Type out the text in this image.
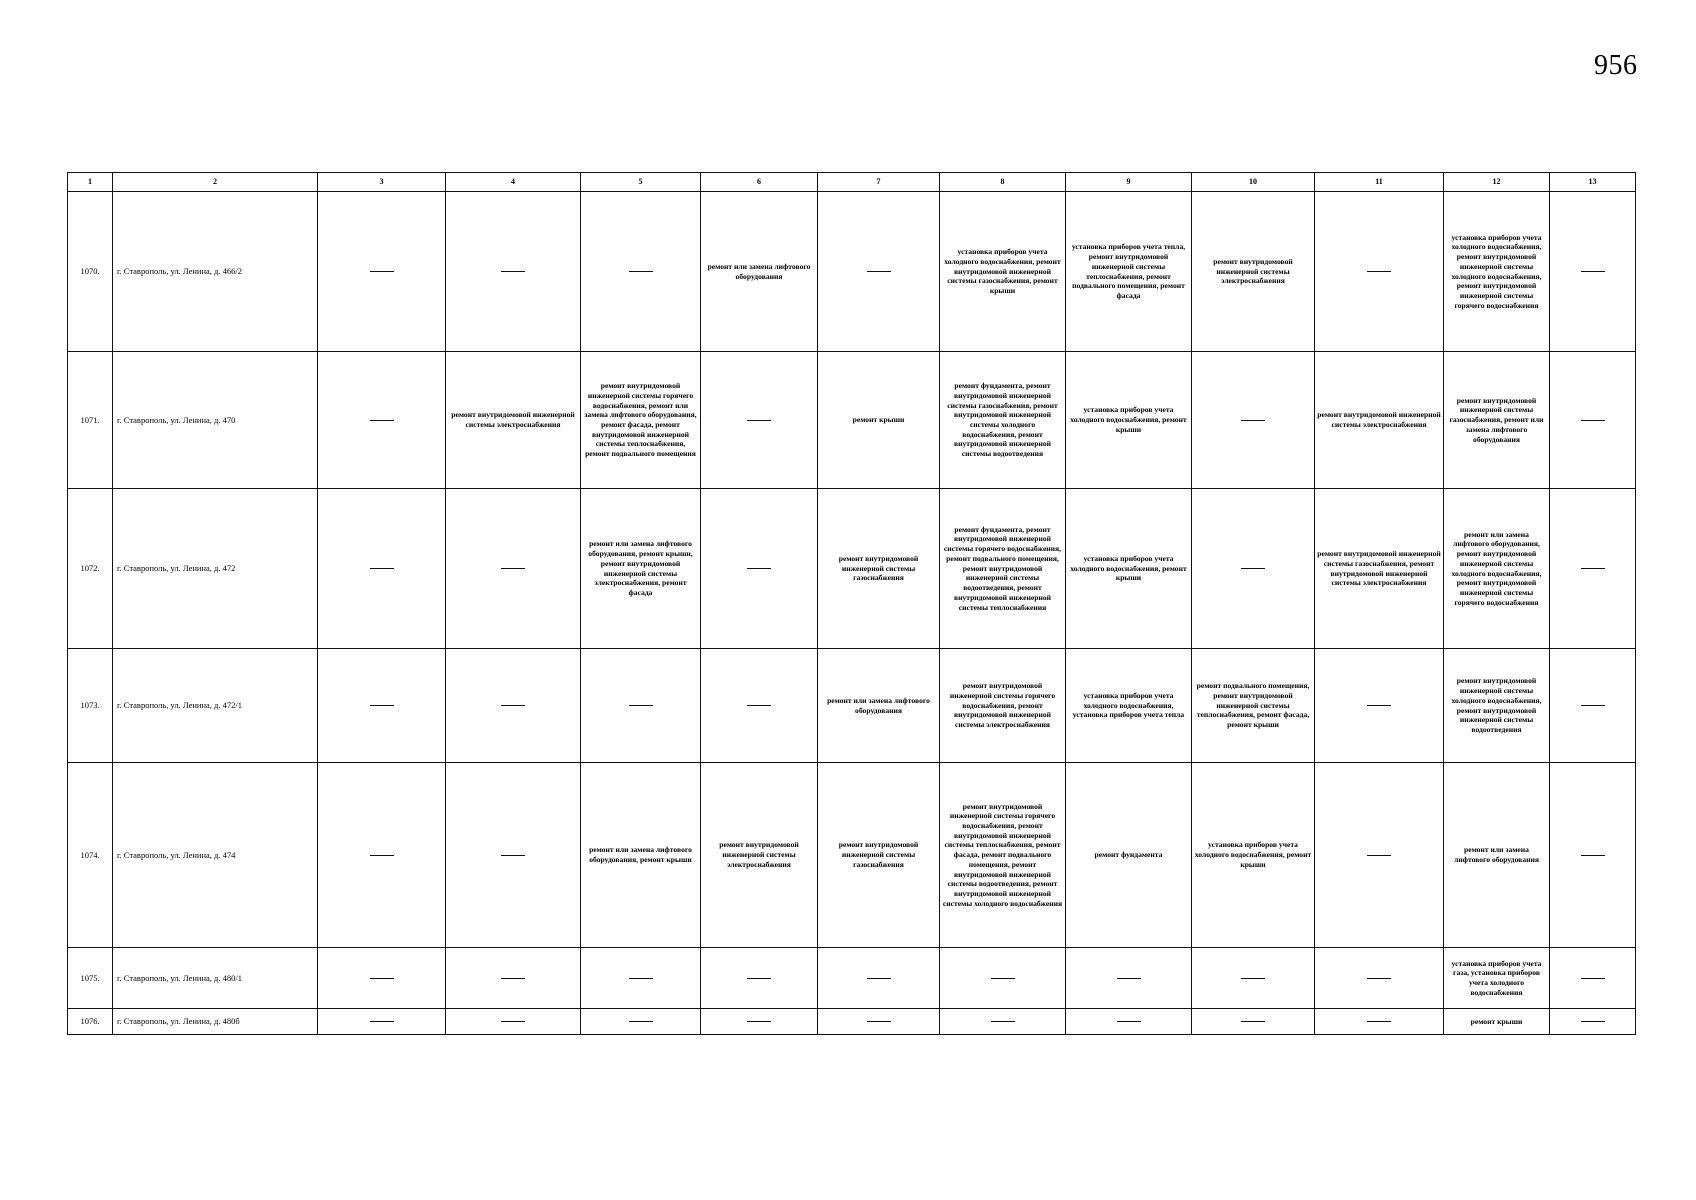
956
1	2	3	4	5	6	7	8	9	10	11	12	13
1070.	г. Ставрополь, ул. Ленина, д. 466/2				ремонт или замена лифтового оборудования		установка приборов учета холодного водоснабжения, ремонт внутридомовой инженерной системы газоснабжения, ремонт крыши	установка приборов учета тепла, ремонт внутридомовой инженерной системы теплоснабжения, ремонт подвального помещения, ремонт фасада	ремонт внутридомовой инженерной системы электроснабжения		установка приборов учета холодного водоснабжения, ремонт внутридомовой инженерной системы холодного водоснабжения, ремонт внутридомовой инженерной системы горячего водоснабжения	
1071.	г. Ставрополь, ул. Ленина, д. 470		ремонт внутридомовой инженерной системы электроснабжения	ремонт внутридомовой инженерной системы горячего водоснабжения, ремонт или замена лифтового оборудования, ремонт фасада, ремонт внутридомовой инженерной системы теплоснабжения, ремонт подвального помещения		ремонт крыши	ремонт фундамента, ремонт внутридомовой инженерной системы газоснабжения, ремонт внутридомовой инженерной системы холодного водоснабжения, ремонт внутридомовой инженерной системы водоотведения	установка приборов учета холодного водоснабжения, ремонт крыши		ремонт внутридомовой инженерной системы электроснабжения	ремонт внутридомовой инженерной системы газоснабжения, ремонт или замена лифтового оборудования	
1072.	г. Ставрополь, ул. Ленина, д. 472			ремонт или замена лифтового оборудования, ремонт крыши, ремонт внутридомовой инженерной системы электроснабжения, ремонт фасада		ремонт внутридомовой инженерной системы газоснабжения	ремонт фундамента, ремонт внутридомовой инженерной системы горячего водоснабжения, ремонт подвального помещения, ремонт внутридомовой инженерной системы водоотведения, ремонт внутридомовой инженерной системы теплоснабжения	установка приборов учета холодного водоснабжения, ремонт крыши		ремонт внутридомовой инженерной системы газоснабжения, ремонт внутридомовой инженерной системы электроснабжения	ремонт или замена лифтового оборудования, ремонт внутридомовой инженерной системы холодного водоснабжения, ремонт внутридомовой инженерной системы горячего водоснабжения	
1073.	г. Ставрополь, ул. Ленина, д. 472/1					ремонт или замена лифтового оборудования	ремонт внутридомовой инженерной системы горячего водоснабжения, ремонт внутридомовой инженерной системы электроснабжения	установка приборов учета холодного водоснабжения, установка приборов учета тепла	ремонт подвального помещения, ремонт внутридомовой инженерной системы теплоснабжения, ремонт фасада, ремонт крыши		ремонт внутридомовой инженерной системы холодного водоснабжения, ремонт внутридомовой инженерной системы водоотведения	
1074.	г. Ставрополь, ул. Ленина, д. 474			ремонт или замена лифтового оборудования, ремонт крыши	ремонт внутридомовой инженерной системы электроснабжения	ремонт внутридомовой инженерной системы газоснабжения	ремонт внутридомовой инженерной системы горячего водоснабжения, ремонт внутридомовой инженерной системы теплоснабжения, ремонт фасада, ремонт подвального помещения, ремонт внутридомовой инженерной системы водоотведения, ремонт внутридомовой инженерной системы холодного водоснабжения	ремонт фундамента	установка приборов учета холодного водоснабжения, ремонт крыши		ремонт или замена лифтового оборудования	
1075.	г. Ставрополь, ул. Ленина, д. 480/1										установка приборов учета газа, установка приборов учета холодного водоснабжения	
1076.	г. Ставрополь, ул. Ленина, д. 480б										ремонт крыши	
